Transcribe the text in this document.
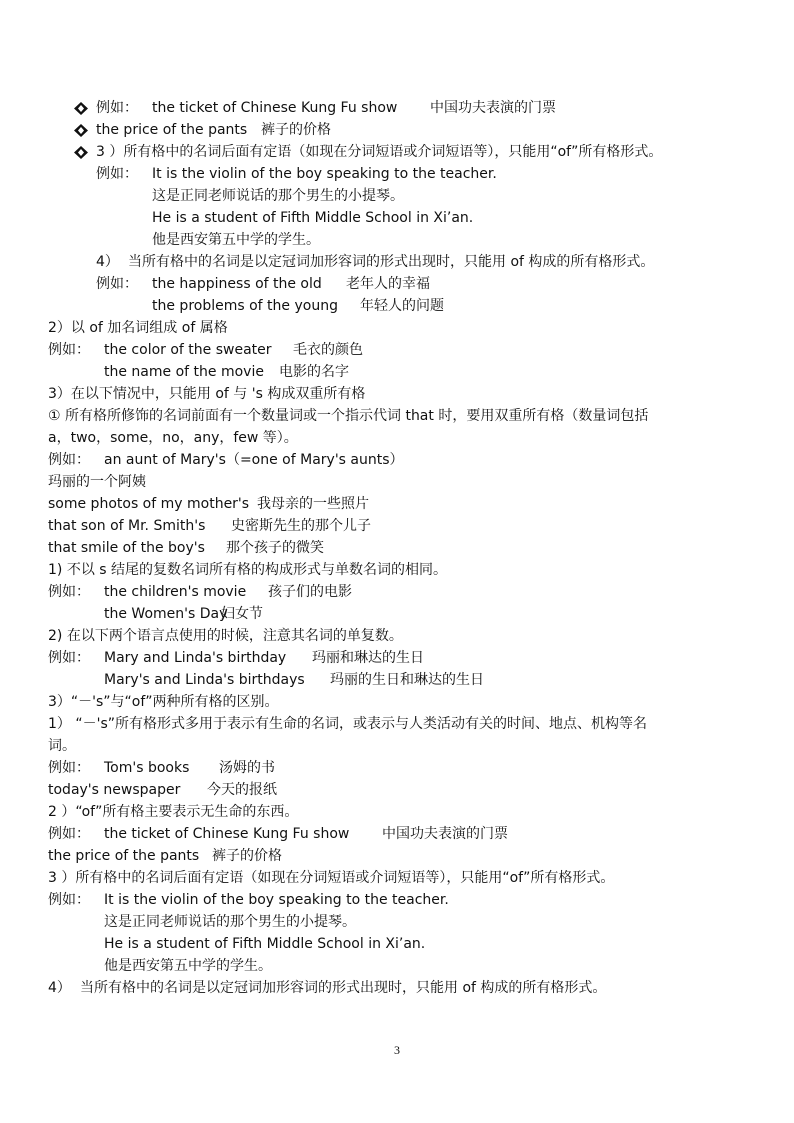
例如： the ticket of Chinese Kung Fu show 中国功夫表演的门票
the price of the pants 裤子的价格
3 ）所有格中的名词后面有定语（如现在分词短语或介词短语等），只能用“of”所有格形式。
例如： It is the violin of the boy speaking to the teacher.
这是正同老师说话的那个男生的小提琴。
He is a student of Fifth Middle School in Xi’an.
他是西安第五中学的学生。
4） 当所有格中的名词是以定冠词加形容词的形式出现时，只能用 of 构成的所有格形式。
例如： the happiness of the old 老年人的幸福
the problems of the young 年轻人的问题
2）以 of 加名词组成 of 属格
例如： the color of the sweater 毛衣的颜色
the name of the movie 电影的名字
3）在以下情况中，只能用 of 与 's 构成双重所有格
① 所有格所修饰的名词前面有一个数量词或一个指示代词 that 时，要用双重所有格（数量词包括
a，two，some，no，any，few 等）。
例如： an aunt of Mary's（=one of Mary's aunts）
玛丽的一个阿姨
some photos of my mother's 我母亲的一些照片
that son of Mr. Smith's 史密斯先生的那个儿子
that smile of the boy's 那个孩子的微笑
1) 不以 s 结尾的复数名词所有格的构成形式与单数名词的相同。
例如： the children's movie 孩子们的电影
the Women's Day
妇女节
2) 在以下两个语言点使用的时候，注意其名词的单复数。
例如： Mary and Linda's birthday 玛丽和琳达的生日
Mary's and Linda's birthdays 玛丽的生日和琳达的生日
3）“－'s”与“of”两种所有格的区别。
1） “－'s”所有格形式多用于表示有生命的名词，或表示与人类活动有关的时间、地点、机构等名
词。
例如： Tom's books 汤姆的书
today's newspaper 今天的报纸
2 ）“of”所有格主要表示无生命的东西。
例如： the ticket of Chinese Kung Fu show 中国功夫表演的门票
the price of the pants 裤子的价格
3 ）所有格中的名词后面有定语（如现在分词短语或介词短语等），只能用“of”所有格形式。
例如： It is the violin of the boy speaking to the teacher.
这是正同老师说话的那个男生的小提琴。
He is a student of Fifth Middle School in Xi’an.
他是西安第五中学的学生。
4） 当所有格中的名词是以定冠词加形容词的形式出现时，只能用 of 构成的所有格形式。
3
